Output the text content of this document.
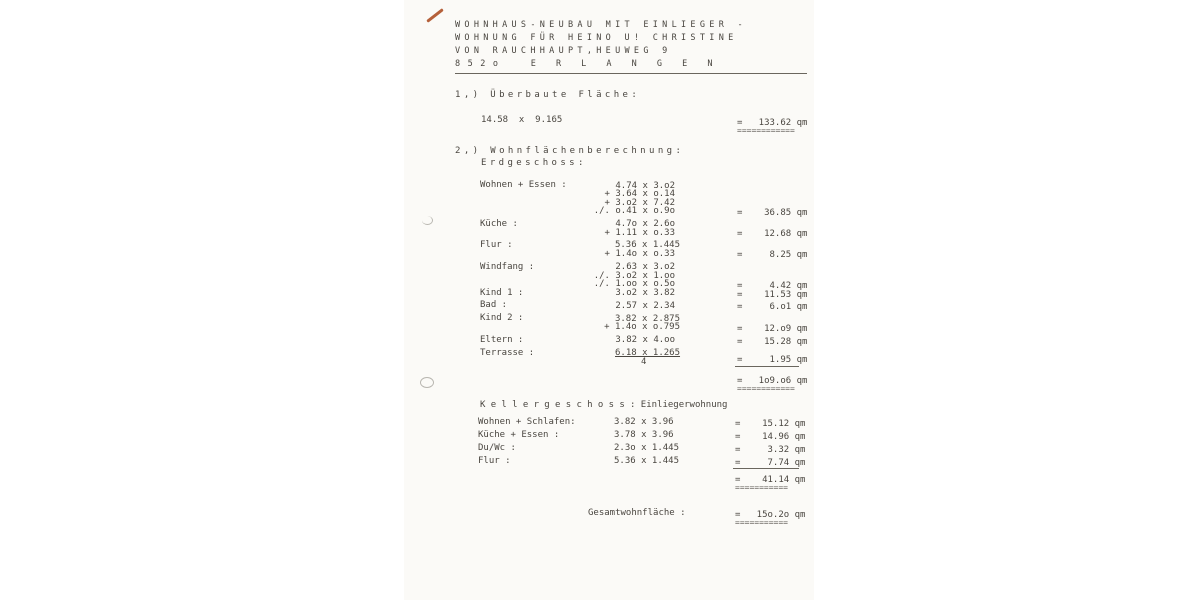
WOHNHAUS-NEUBAU MIT EINLIEGER -
WOHNUNG FÜR HEINO U! CHRISTINE
VON RAUCHHAUPT,HEUWEG 9
852o  E R L A N G E N
1,) Überbaute Fläche:
14.58  x  9.165	=   133.62 qm
============
2,) Wohnflächenberechnung:
Erdgeschoss:
Wohnen + Essen :	4.74 x 3.o2
+ 3.64 x o.14
+ 3.o2 x 7.42
./. o.41 x o.9o	=    36.85 qm
Küche :	4.7o x 2.6o
+ 1.11 x o.33	=    12.68 qm
Flur :	5.36 x 1.445
+ 1.4o x o.33	=     8.25 qm
Windfang :	2.63 x 3.o2
./. 3.o2 x 1.oo
./. 1.oo x o.5o	=     4.42 qm
Kind 1 :	3.o2 x 3.82	=    11.53 qm
Bad :	2.57 x 2.34	=     6.o1 qm
Kind 2 :	3.82 x 2.875
+ 1.4o x o.795	=    12.o9 qm
Eltern :	3.82 x 4.oo	=    15.28 qm
Terrasse :	6.18 x 1.265
4	=     1.95 qm
=   1o9.o6 qm
============
Kellergeschoss:Einliegerwohnung
Wohnen + Schlafen:	3.82 x 3.96	=    15.12 qm
Küche + Essen :	3.78 x 3.96	=    14.96 qm
Du/Wc :	2.3o x 1.445	=     3.32 qm
Flur :	5.36 x 1.445	=     7.74 qm
=    41.14 qm
===========
Gesamtwohnfläche :	=   15o.2o qm
===========
